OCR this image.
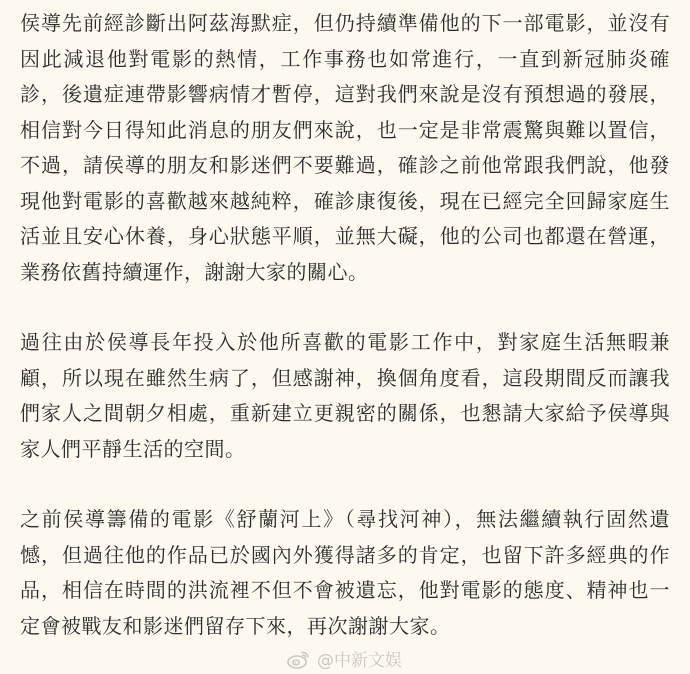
侯導先前經診斷出阿茲海默症，但仍持續準備他的下一部電影，並沒有因此減退他對電影的熱情，工作事務也如常進行，一直到新冠肺炎確診，後遺症連帶影響病情才暫停，這對我們來說是沒有預想過的發展，相信對今日得知此消息的朋友們來說，也一定是非常震驚與難以置信，不過，請侯導的朋友和影迷們不要難過，確診之前他常跟我們說，他發現他對電影的喜歡越來越純粹，確診康復後，現在已經完全回歸家庭生活並且安心休養，身心狀態平順，並無大礙，他的公司也都還在營運，業務依舊持續運作，謝謝大家的關心。

過往由於侯導長年投入於他所喜歡的電影工作中，對家庭生活無暇兼顧，所以現在雖然生病了，但感謝神，換個角度看，這段期間反而讓我們家人之間朝夕相處，重新建立更親密的關係，也懇請大家給予侯導與家人們平靜生活的空間。

之前侯導籌備的電影《舒蘭河上》（尋找河神），無法繼續執行固然遺憾，但過往他的作品已於國內外獲得諸多的肯定，也留下許多經典的作品，相信在時間的洪流裡不但不會被遺忘，他對電影的態度、精神也一定會被戰友和影迷們留存下來，再次謝謝大家。

@中新文娱
